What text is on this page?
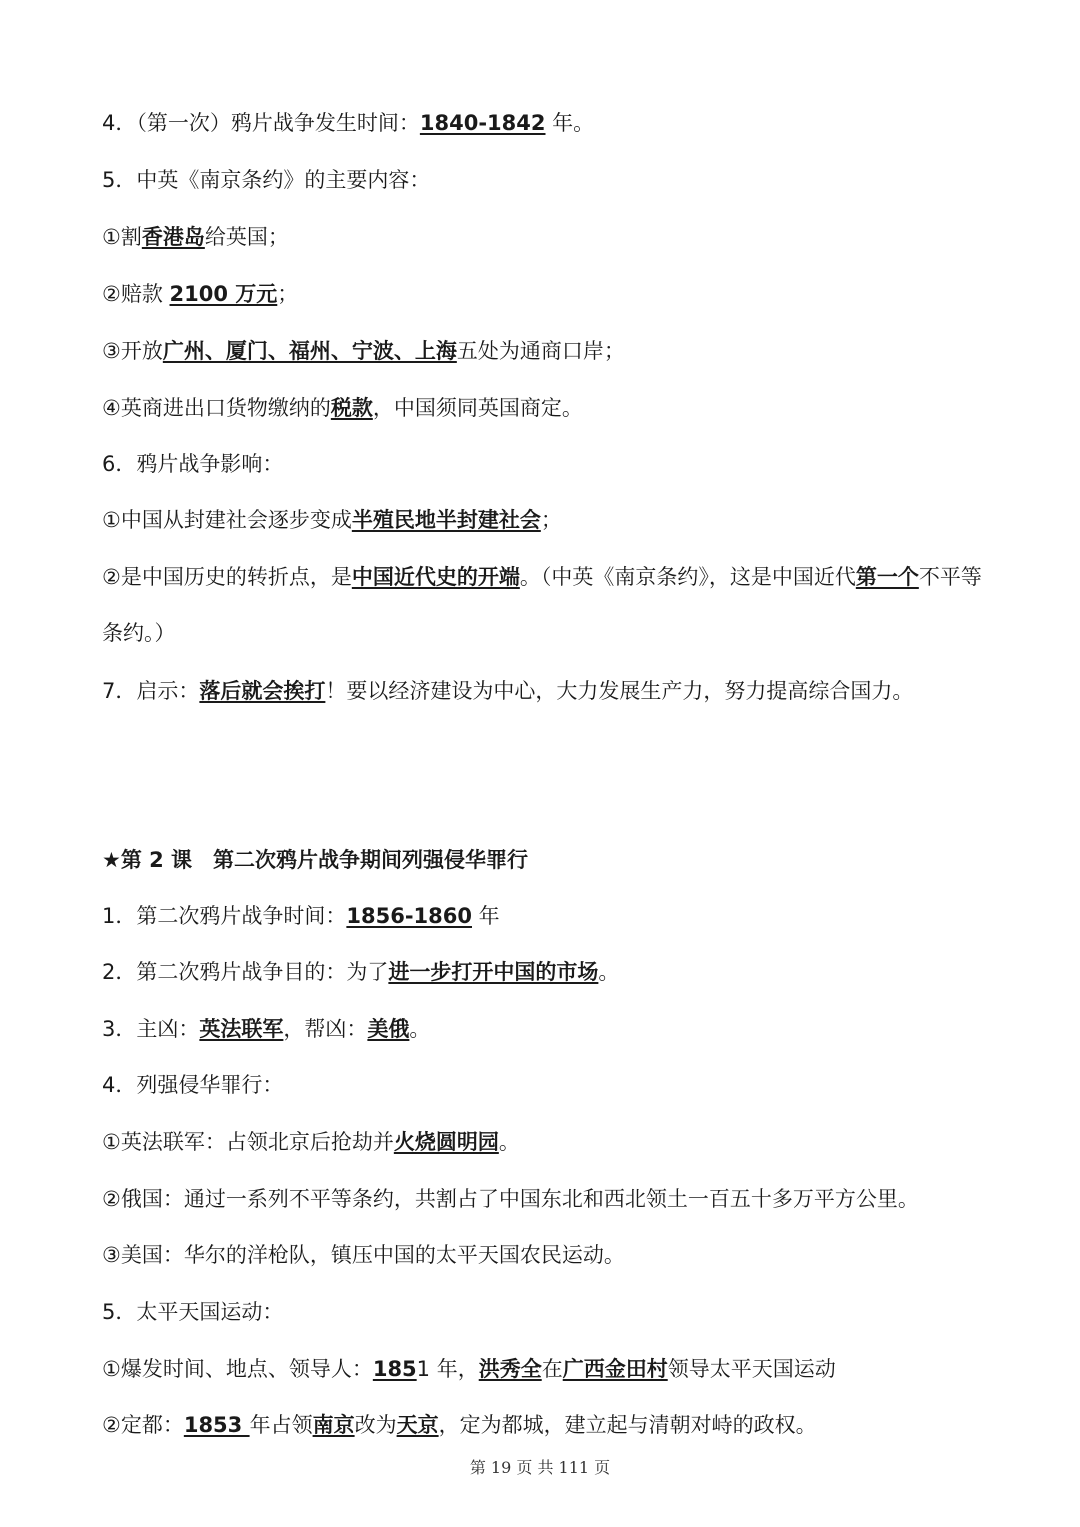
4．（第一次）鸦片战争发生时间：1840-1842 年。
5．中英《南京条约》的主要内容：
①割香港岛给英国；
②赔款 2100 万元；
③开放广州、厦门、福州、宁波、上海五处为通商口岸；
④英商进出口货物缴纳的税款，中国须同英国商定。
6．鸦片战争影响：
①中国从封建社会逐步变成半殖民地半封建社会；
②是中国历史的转折点，是中国近代史的开端。（中英《南京条约》，这是中国近代第一个不平等
条约。）
7．启示：落后就会挨打！要以经济建设为中心，大力发展生产力，努力提高综合国力。
★第 2 课　第二次鸦片战争期间列强侵华罪行
1．第二次鸦片战争时间：1856-1860 年
2．第二次鸦片战争目的：为了进一步打开中国的市场。
3．主凶：英法联军，帮凶：美俄。
4．列强侵华罪行：
①英法联军：占领北京后抢劫并火烧圆明园。
②俄国：通过一系列不平等条约，共割占了中国东北和西北领土一百五十多万平方公里。
③美国：华尔的洋枪队，镇压中国的太平天国农民运动。
5．太平天国运动：
①爆发时间、地点、领导人：1851 年，洪秀全在广西金田村领导太平天国运动
②定都：1853 年占领南京改为天京，定为都城，建立起与清朝对峙的政权。
第 19 页 共 111 页
